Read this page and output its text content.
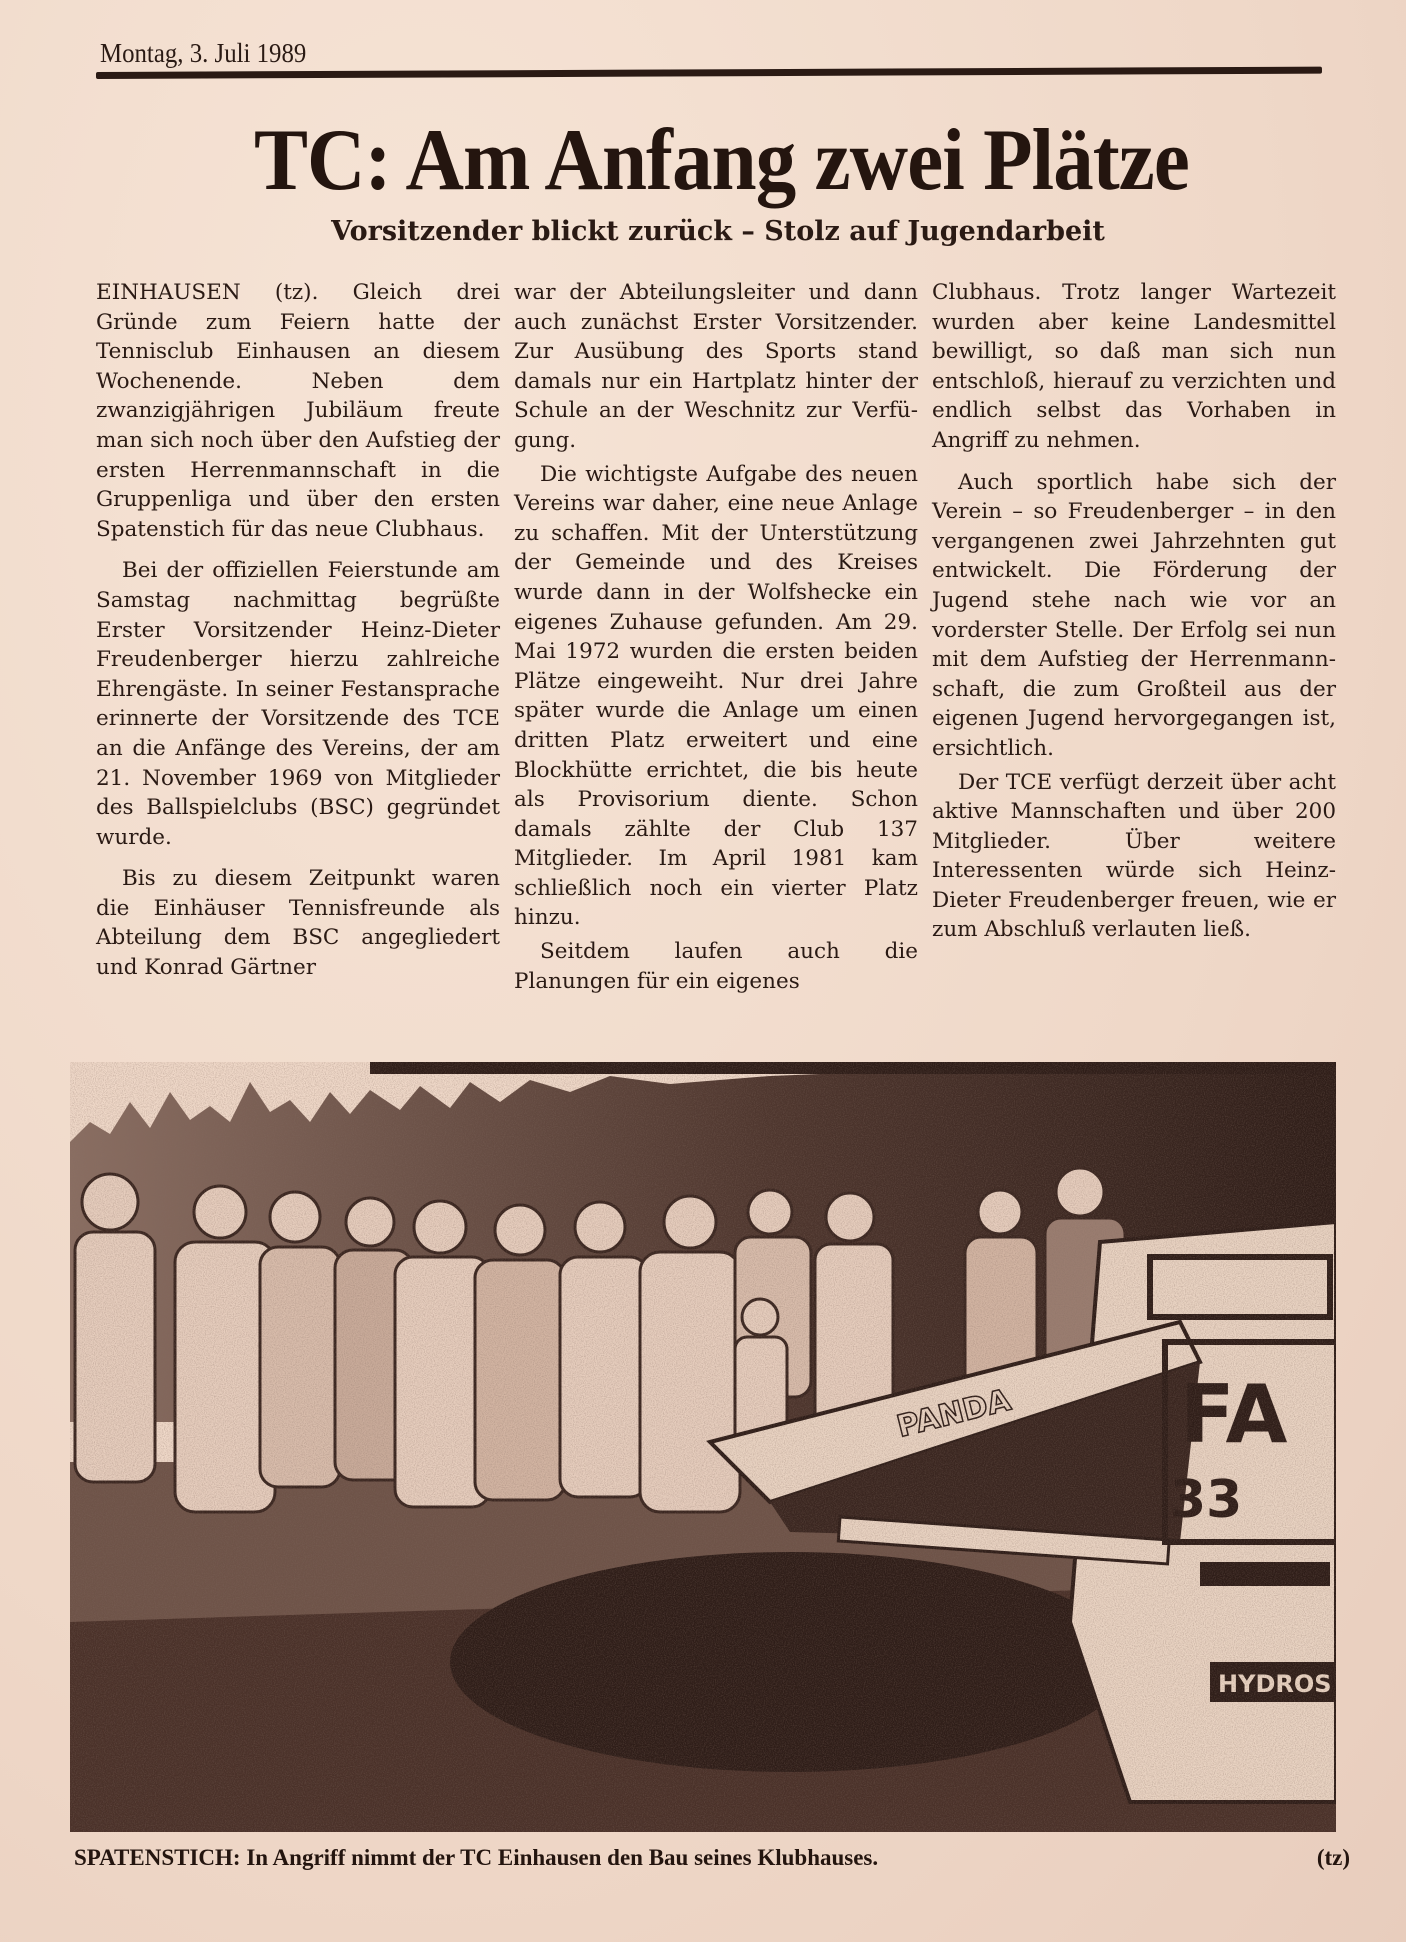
Montag, 3. Juli 1989
TC: Am Anfang zwei Plätze
Vorsitzender blickt zurück – Stolz auf Jugendarbeit

EINHAUSEN (tz). Gleich drei Gründe zum Feiern hatte der Tennisclub Einhausen an diesem Wochenende. Neben dem zwanzigjährigen Jubiläum freute man sich noch über den Aufstieg der ersten Herrenmannschaft in die Gruppenliga und über den ersten Spatenstich für das neue Clubhaus.

Bei der offiziellen Feierstunde am Samstag nachmittag begrüßte Erster Vorsitzender Heinz-Dieter Freudenberger hierzu zahlreiche Ehrengäste. In seiner Festansprache erinnerte der Vorsitzende des TCE an die Anfänge des Vereins, der am 21. November 1969 von Mitglieder des Ballspielclubs (BSC) gegründet wurde.

Bis zu diesem Zeitpunkt waren die Einhäuser Tennisfreunde als Abteilung dem BSC angegliedert und Konrad Gärtner

war der Abteilungsleiter und dann auch zunächst Erster Vorsitzender. Zur Ausübung des Sports stand damals nur ein Hartplatz hinter der Schule an der Weschnitz zur Verfügung.

Die wichtigste Aufgabe des neuen Vereins war daher, eine neue Anlage zu schaffen. Mit der Unterstützung der Gemeinde und des Kreises wurde dann in der Wolfshecke ein eigenes Zuhause gefunden. Am 29. Mai 1972 wurden die ersten beiden Plätze eingeweiht. Nur drei Jahre später wurde die Anlage um einen dritten Platz erweitert und eine Blockhütte errichtet, die bis heute als Provisorium diente. Schon damals zählte der Club 137 Mitglieder. Im April 1981 kam schließlich noch ein vierter Platz hinzu.

Seitdem laufen auch die Planungen für ein eigenes

Clubhaus. Trotz langer Wartezeit wurden aber keine Landesmittel bewilligt, so daß man sich nun entschloß, hierauf zu verzichten und endlich selbst das Vorhaben in Angriff zu nehmen.

Auch sportlich habe sich der Verein – so Freudenberger – in den vergangenen zwei Jahrzehnten gut entwickelt. Die Förderung der Jugend stehe nach wie vor an vorderster Stelle. Der Erfolg sei nun mit dem Aufstieg der Herrenmannschaft, die zum Großteil aus der eigenen Jugend hervorgegangen ist, ersichtlich.

Der TCE verfügt derzeit über acht aktive Mannschaften und über 200 Mitglieder. Über weitere Interessenten würde sich Heinz-Dieter Freudenberger freuen, wie er zum Abschluß verlauten ließ.

SPATENSTICH: In Angriff nimmt der TC Einhausen den Bau seines Klubhauses.	(tz)
